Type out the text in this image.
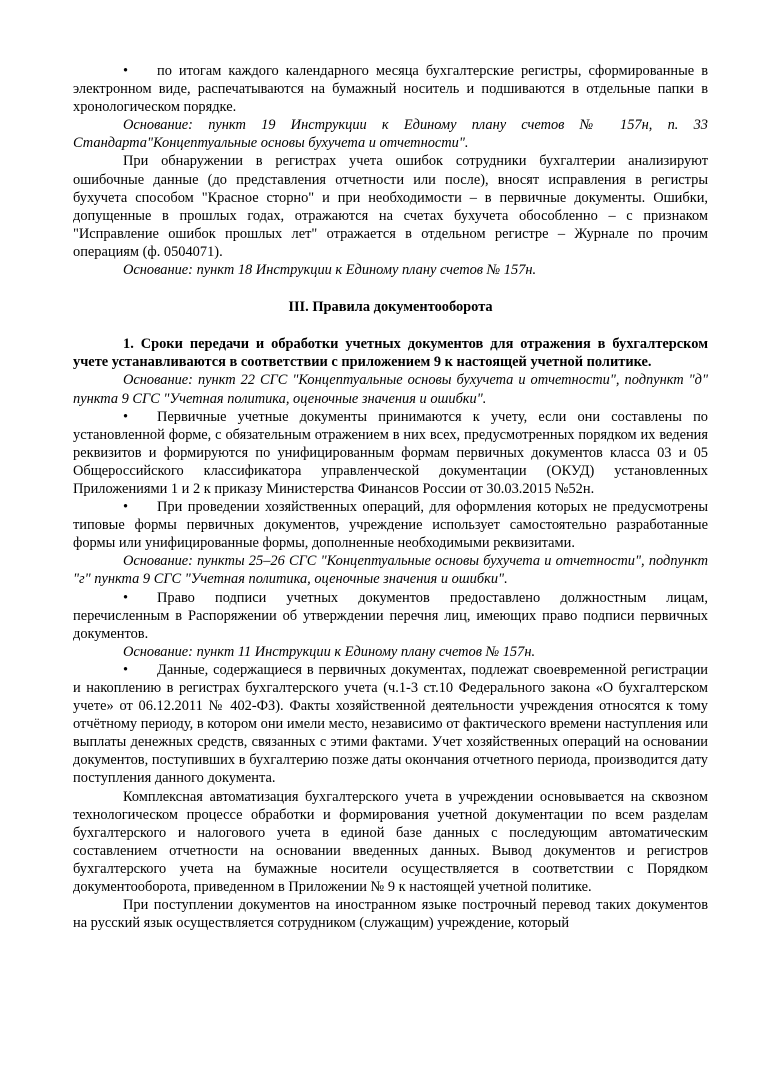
• по итогам каждого календарного месяца бухгалтерские регистры, сформированные в электронном виде, распечатываются на бумажный носитель и подшиваются в отдельные папки в хронологическом порядке.

Основание: пункт 19 Инструкции к Единому плану счетов № 157н, п. 33 Стандарта"Концептуальные основы бухучета и отчетности".

При обнаружении в регистрах учета ошибок сотрудники бухгалтерии анализируют ошибочные данные (до представления отчетности или после), вносят исправления в регистры бухучета способом "Красное сторно" и при необходимости – в первичные документы. Ошибки, допущенные в прошлых годах, отражаются на счетах бухучета обособленно – с признаком "Исправление ошибок прошлых лет" отражается в отдельном регистре – Журнале по прочим операциям (ф. 0504071).

Основание: пункт 18 Инструкции к Единому плану счетов № 157н.

III. Правила документооборота

1. Сроки передачи и обработки учетных документов для отражения в бухгалтерском учете устанавливаются в соответствии с приложением 9 к настоящей учетной политике.

Основание: пункт 22 СГС "Концептуальные основы бухучета и отчетности", подпункт "д" пункта 9 СГС "Учетная политика, оценочные значения и ошибки".

• Первичные учетные документы принимаются к учету, если они составлены по установленной форме, с обязательным отражением в них всех, предусмотренных порядком их ведения реквизитов и формируются по унифицированным формам первичных документов класса 03 и 05 Общероссийского классификатора управленческой документации (ОКУД) установленных Приложениями 1 и 2 к приказу Министерства Финансов России от 30.03.2015 №52н.

• При проведении хозяйственных операций, для оформления которых не предусмотрены типовые формы первичных документов, учреждение использует самостоятельно разработанные формы или унифицированные формы, дополненные необходимыми реквизитами.

Основание: пункты 25–26 СГС "Концептуальные основы бухучета и отчетности", подпункт "г" пункта 9 СГС "Учетная политика, оценочные значения и ошибки".

• Право подписи учетных документов предоставлено должностным лицам, перечисленным в Распоряжении об утверждении перечня лиц, имеющих право подписи первичных документов.

Основание: пункт 11 Инструкции к Единому плану счетов № 157н.

• Данные, содержащиеся в первичных документах, подлежат своевременной регистрации и накоплению в регистрах бухгалтерского учета (ч.1-3 ст.10 Федерального закона «О бухгалтерском учете» от 06.12.2011 № 402-ФЗ). Факты хозяйственной деятельности учреждения относятся к тому отчётному периоду, в котором они имели место, независимо от фактического времени наступления или выплаты денежных средств, связанных с этими фактами. Учет хозяйственных операций на основании документов, поступивших в бухгалтерию позже даты окончания отчетного периода, производится дату поступления данного документа.

Комплексная автоматизация бухгалтерского учета в учреждении основывается на сквозном технологическом процессе обработки и формирования учетной документации по всем разделам бухгалтерского и налогового учета в единой базе данных с последующим автоматическим составлением отчетности на основании введенных данных. Вывод документов и регистров бухгалтерского учета на бумажные носители осуществляется в соответствии с Порядком документооборота, приведенном в Приложении № 9 к настоящей учетной политике.

При поступлении документов на иностранном языке построчный перевод таких документов на русский язык осуществляется сотрудником (служащим) учреждение, который
